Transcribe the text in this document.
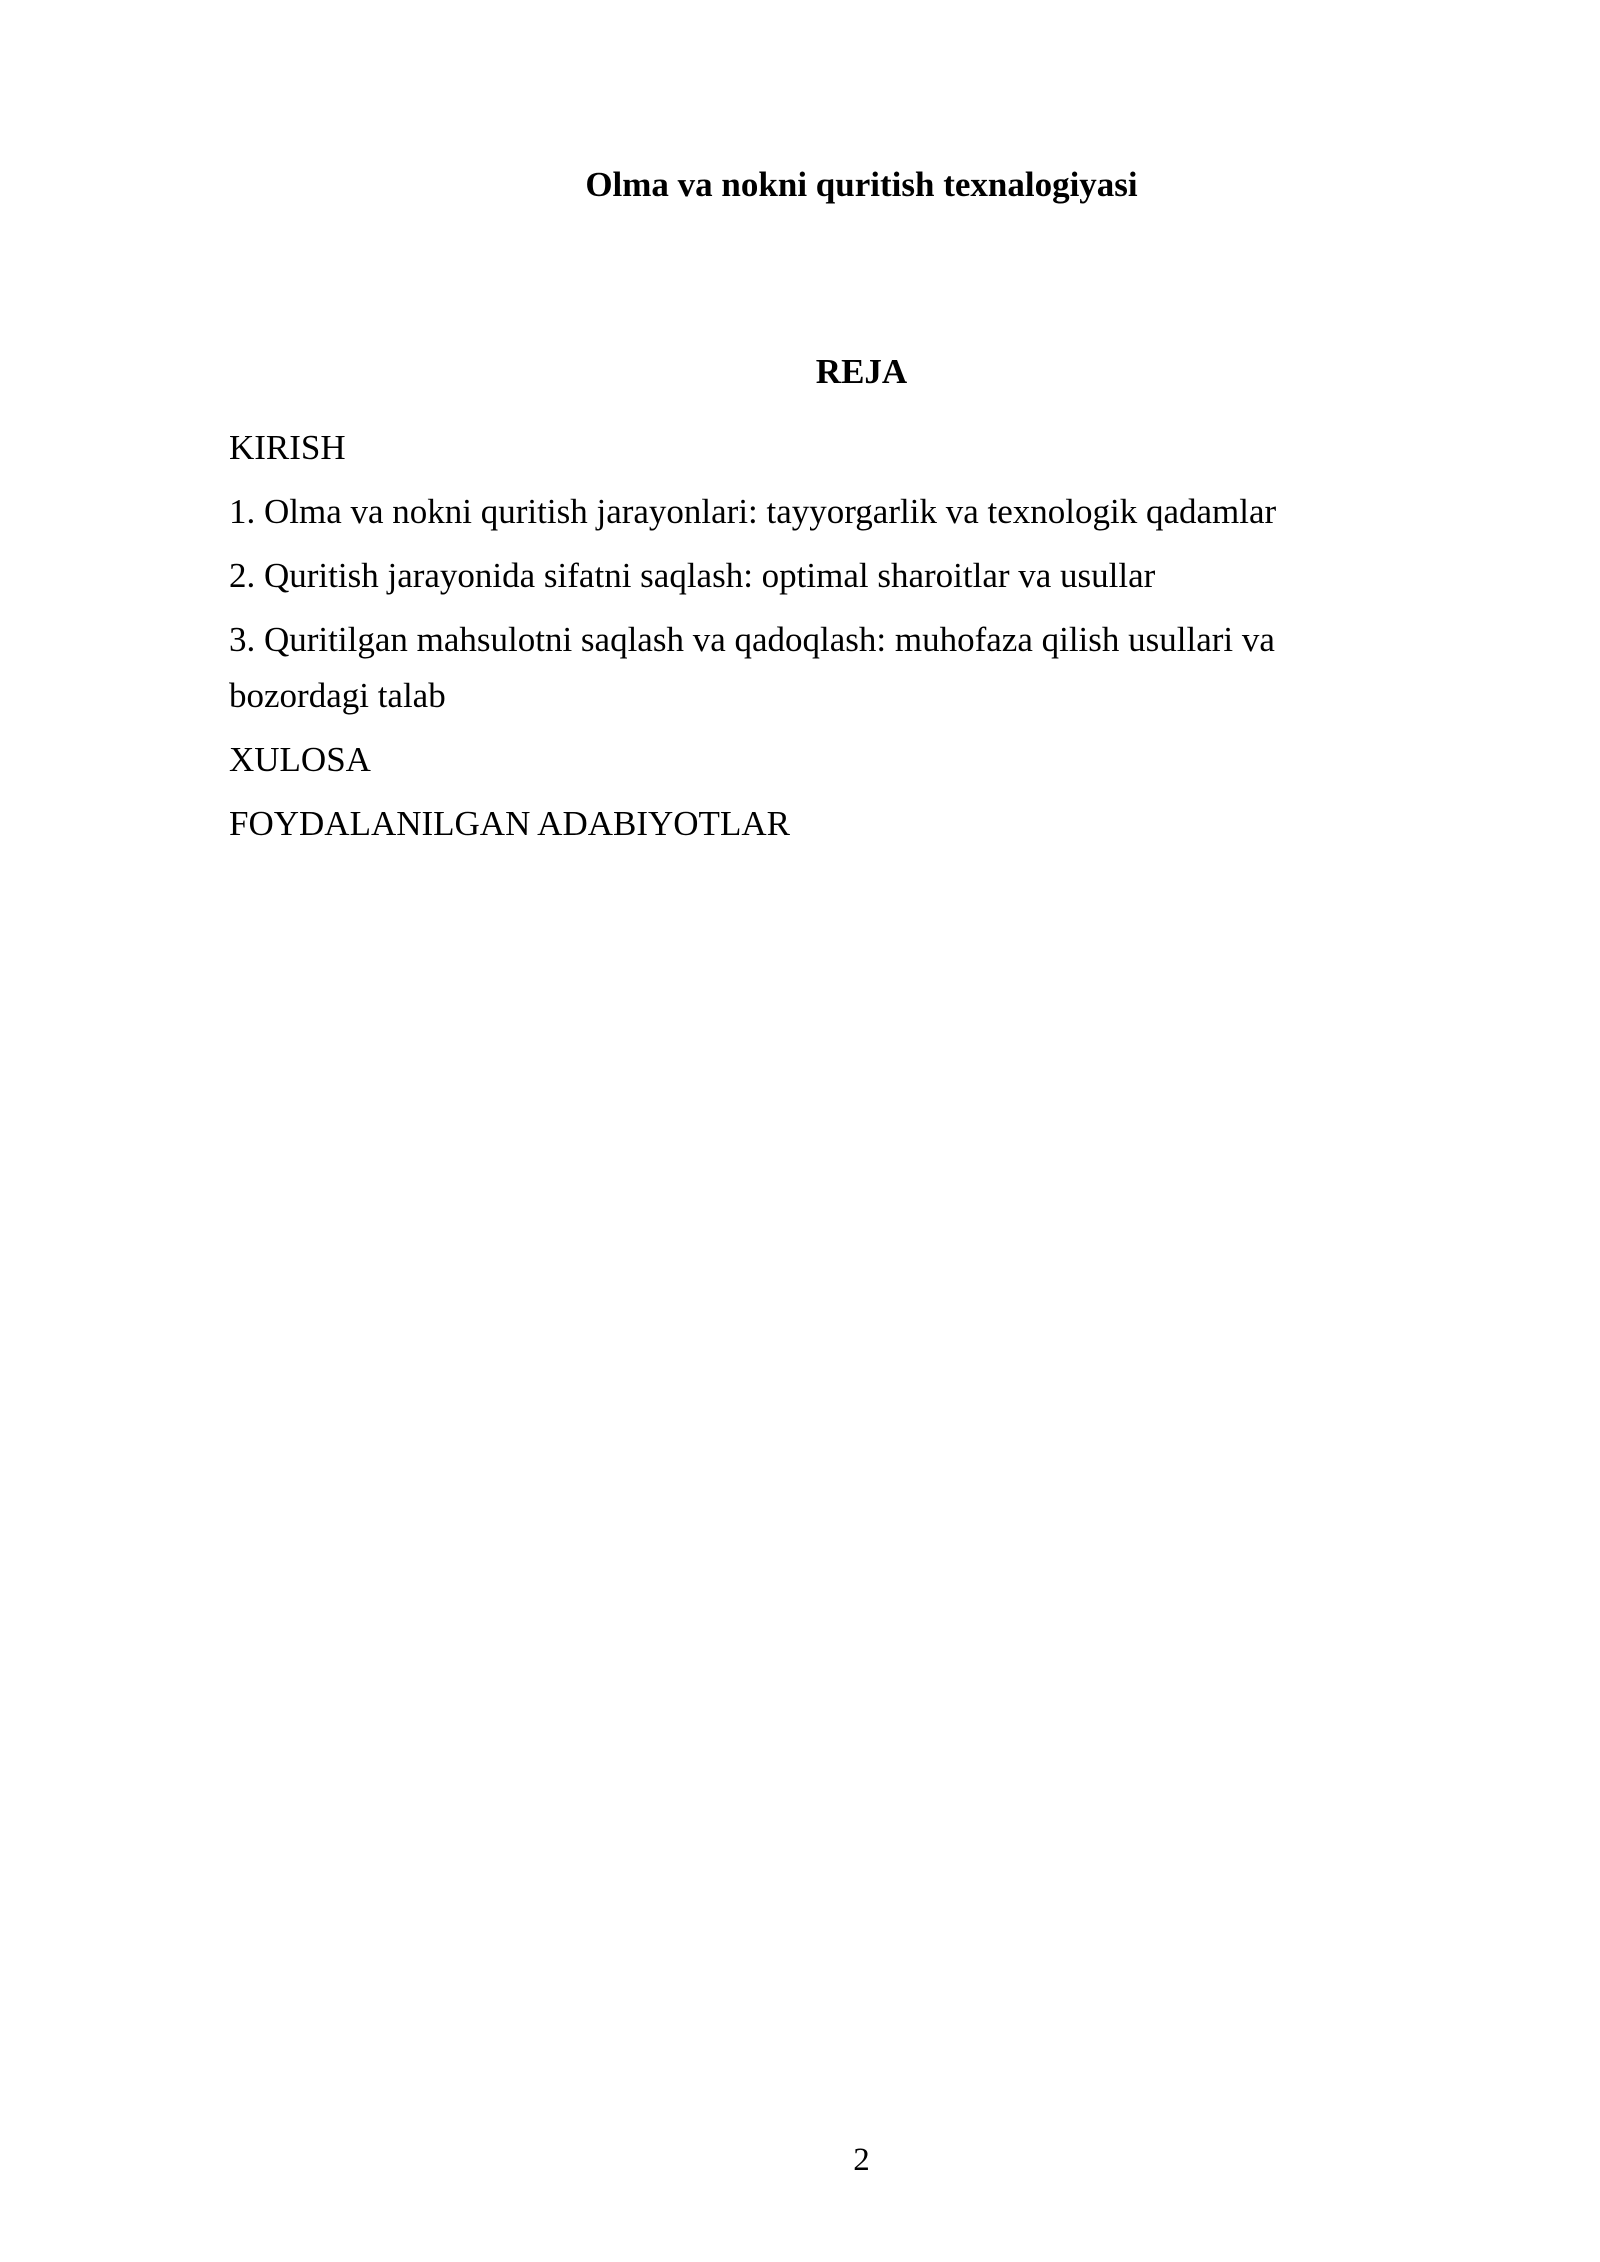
Olma va nokni quritish texnalogiyasi
REJA
KIRISH
1. Olma va nokni quritish jarayonlari: tayyorgarlik va texnologik qadamlar
2. Quritish jarayonida sifatni saqlash: optimal sharoitlar va usullar
3. Quritilgan mahsulotni saqlash va qadoqlash: muhofaza qilish usullari va bozordagi talab
XULOSA
FOYDALANILGAN ADABIYOTLAR
2
